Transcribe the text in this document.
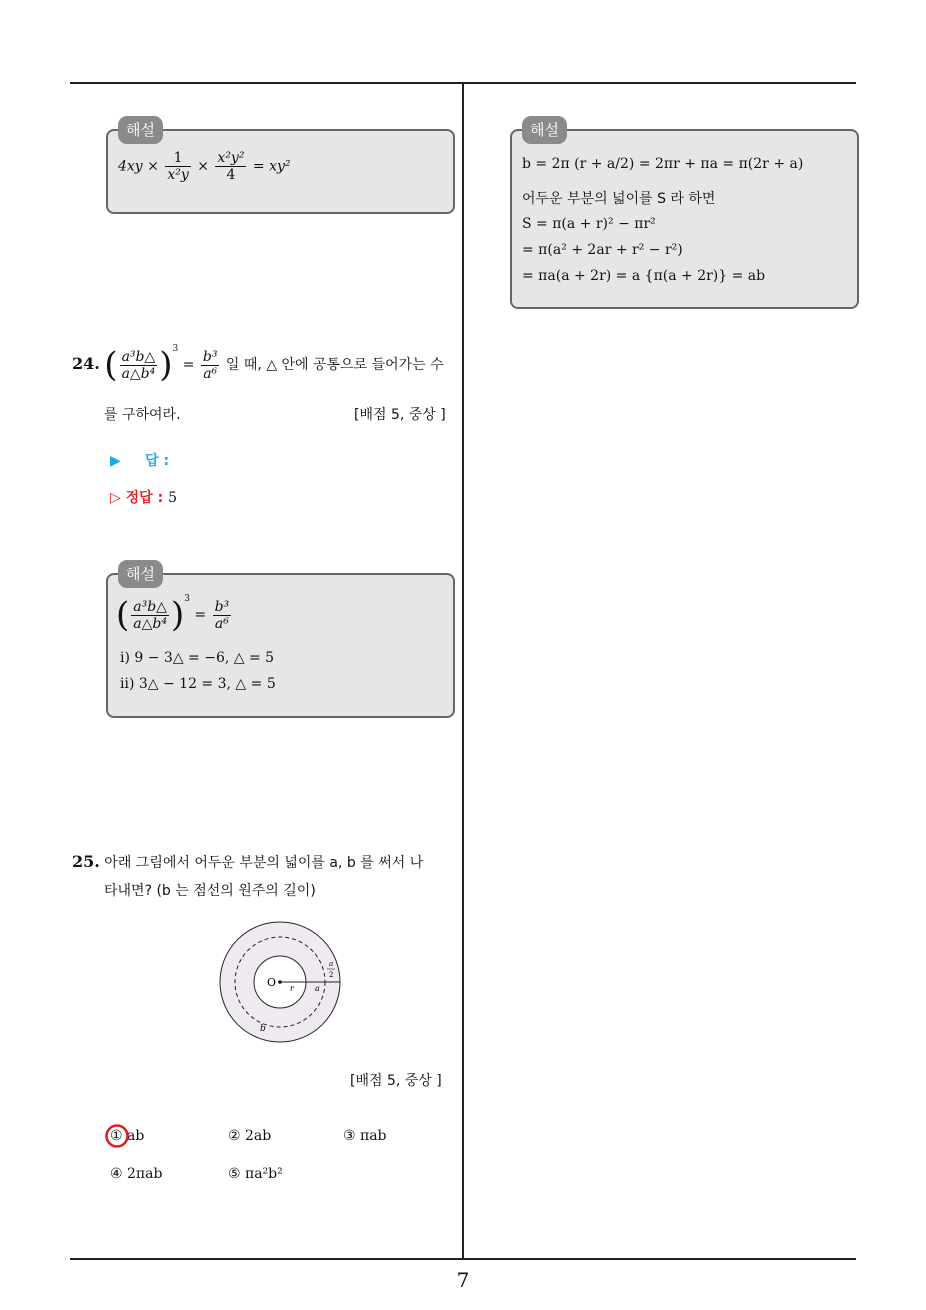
7
해설
$4xy \times \frac{1}{\text{x²y}} \times \frac{\text{x²y²}}{4} = xy^2$
24. ( $\frac{\text{a³b△}}{\text{a△b⁴}} )^3 = \frac{\text{b³}}{\text{a⁶}}$ 일 때, △ 안에 공통으로 들어가는 수
를 구하여라.	[배점 5, 중상 ]
▶ 답 :
▷ 정답 : 5
해설
( $\frac{\text{a³b△}}{\text{a△b⁴}} )^3 = \frac{\text{b³}}{\text{a⁶}}$
ⅰ) 9 − 3△ = −6, △ = 5
ⅱ) 3△ − 12 = 3, △ = 5
25. 아래 그림에서 어두운 부분의 넓이를 a, b 를 써서 나
타내면? (b 는 점선의 원주의 길이)
O r	a
a
2
b
[배점 5, 중상 ]
① ab	② 2ab	③ πab
④ 2πab	⑤ πa²b²
해설
b = 2π (r + a/2) = 2πr + πa = π(2r + a)
어두운 부분의 넓이를 S 라 하면
S = π(a + r)² − πr²
= π(a² + 2ar + r² − r²)
= πa(a + 2r) = a {π(a + 2r)} = ab
